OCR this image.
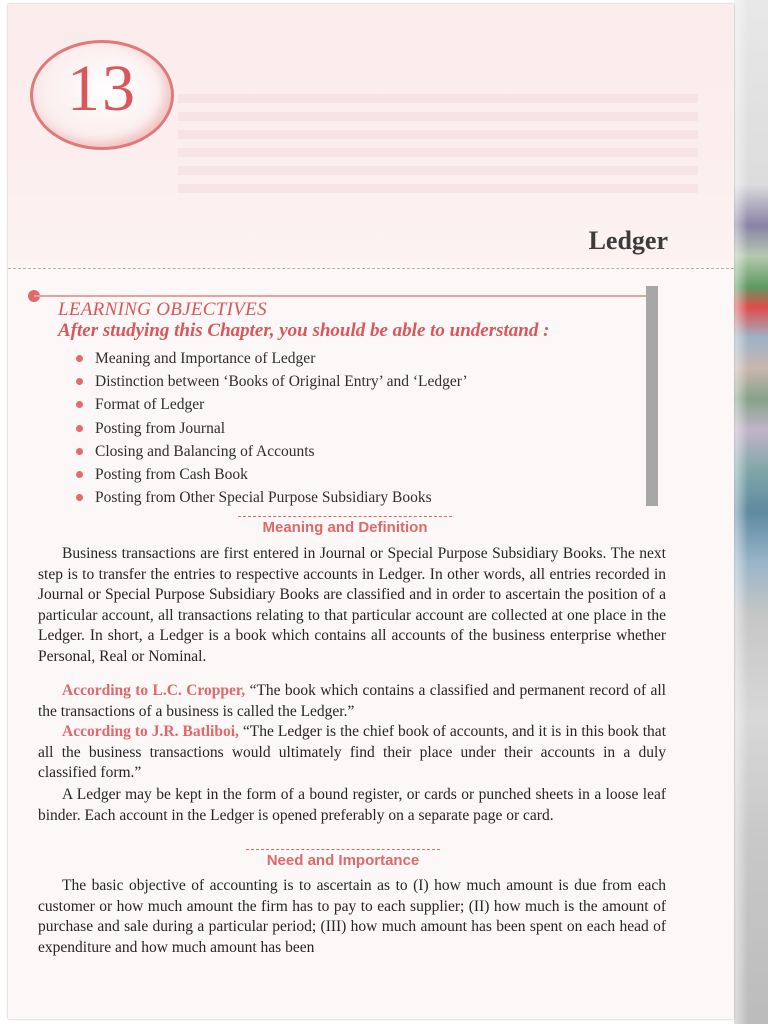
13
Ledger
LEARNING OBJECTIVES
After studying this Chapter, you should be able to understand :
Meaning and Importance of Ledger
Distinction between ‘Books of Original Entry’ and ‘Ledger’
Format of Ledger
Posting from Journal
Closing and Balancing of Accounts
Posting from Cash Book
Posting from Other Special Purpose Subsidiary Books
Meaning and Definition
Business transactions are first entered in Journal or Special Purpose Subsidiary Books. The next step is to transfer the entries to respective accounts in Ledger. In other words, all entries recorded in Journal or Special Purpose Subsidiary Books are classified and in order to ascertain the position of a particular account, all transactions relating to that particular account are collected at one place in the Ledger. In short, a Ledger is a book which contains all accounts of the business enterprise whether Personal, Real or Nominal.
According to L.C. Cropper, “The book which contains a classified and permanent record of all the transactions of a business is called the Ledger.”
According to J.R. Batliboi, “The Ledger is the chief book of accounts, and it is in this book that all the business transactions would ultimately find their place under their accounts in a duly classified form.”
A Ledger may be kept in the form of a bound register, or cards or punched sheets in a loose leaf binder. Each account in the Ledger is opened preferably on a separate page or card.
Need and Importance
The basic objective of accounting is to ascertain as to (I) how much amount is due from each customer or how much amount the firm has to pay to each supplier; (II) how much is the amount of purchase and sale during a particular period; (III) how much amount has been spent on each head of expenditure and how much amount has been
